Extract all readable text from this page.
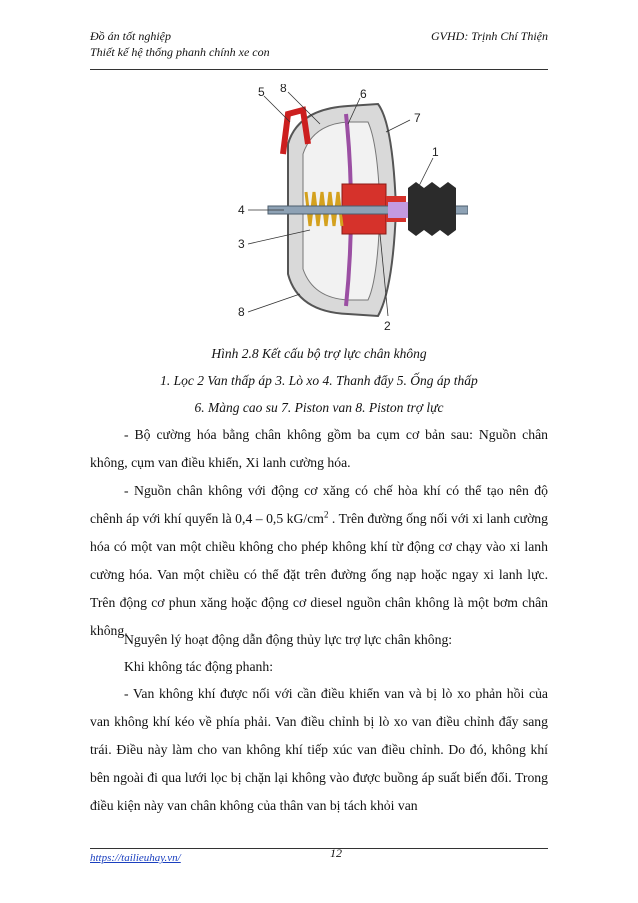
Đồ án tốt nghiệp
Thiết kế hệ thống phanh chính xe con
GVHD: Trịnh Chí Thiện
5 8	6
7
1
4
3
8
2
Hình 2.8 Kết cấu bộ trợ lực chân không
1. Lọc 2 Van thấp áp 3. Lò xo 4. Thanh đẩy 5. Ống áp thấp
6. Màng cao su 7. Piston van 8. Piston trợ lực
- Bộ cường hóa bằng chân không gồm ba cụm cơ bản sau: Nguồn chân không, cụm van điều khiển, Xi lanh cường hóa.
- Nguồn chân không với động cơ xăng có chế hòa khí có thể tạo nên độ chênh áp với khí quyển là 0,4 – 0,5 $kG/cm^2$ . Trên đường ống nối với xi lanh cường hóa có một van một chiều không cho phép không khí từ động cơ chạy vào xi lanh cường hóa. Van một chiều có thể đặt trên đường ống nạp hoặc ngay xi lanh lực. Trên động cơ phun xăng hoặc động cơ diesel nguồn chân không là một bơm chân không.
Nguyên lý hoạt động dẫn động thủy lực trợ lực chân không:
Khi không tác động phanh:
- Van không khí được nối với cần điều khiển van và bị lò xo phản hồi của van không khí kéo về phía phải. Van điều chỉnh bị lò xo van điều chỉnh đẩy sang trái. Điều này làm cho van không khí tiếp xúc van điều chỉnh. Do đó, không khí bên ngoài đi qua lưới lọc bị chặn lại không vào được buồng áp suất biến đổi. Trong điều kiện này van chân không của thân van bị tách khỏi van
https://tailieuhay.vn/	12
